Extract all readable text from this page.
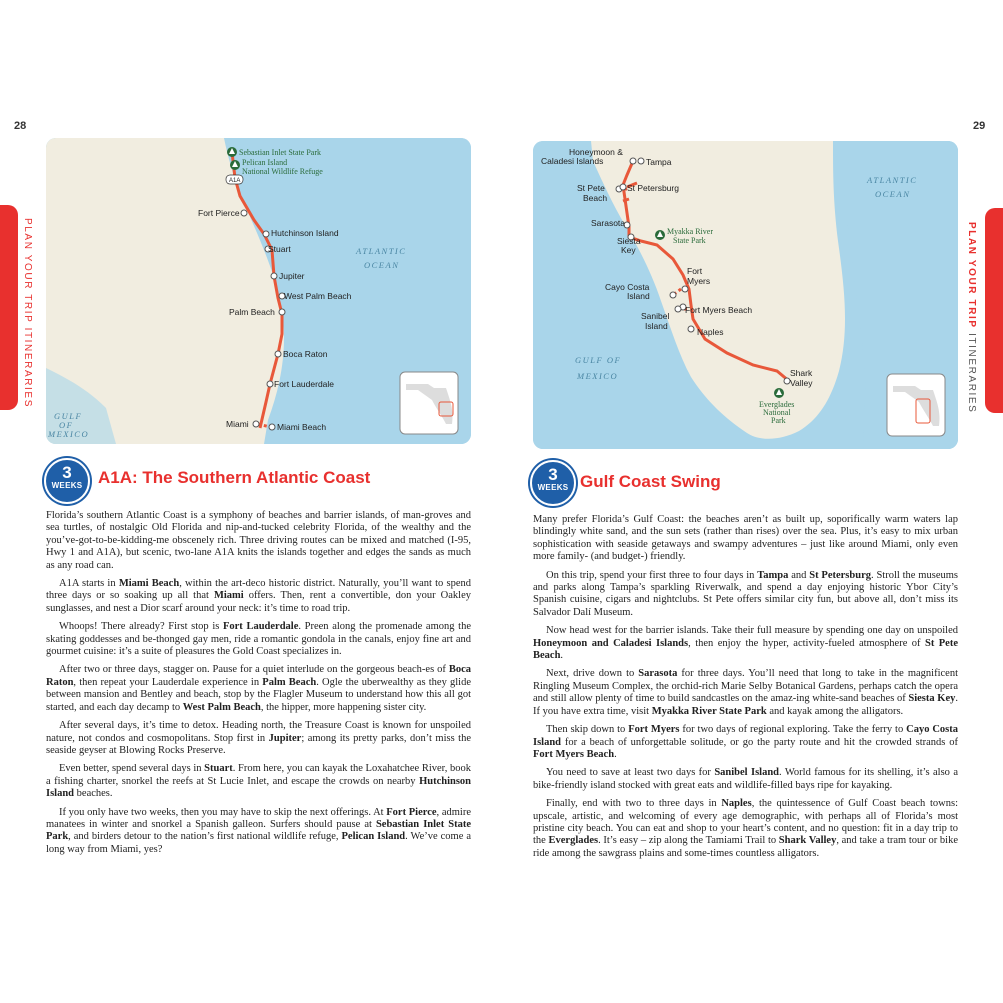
28
PLAN YOUR TRIP ITINERARIES
Sebastian Inlet State Park
Pelican Island
National Wildlife Refuge
A1A
Fort Pierce
Hutchinson Island
Stuart
Jupiter
West Palm Beach
Palm Beach
Boca Raton
Fort Lauderdale
Miami	Miami Beach
ATLANTIC
OCEAN
GULF
OF
MEXICO
3
WEEKS A1A: The Southern Atlantic Coast

Florida’s southern Atlantic Coast is a symphony of beaches and barrier islands, of man-groves and sea turtles, of nostalgic Old Florida and nip-and-tucked celebrity Florida, of the wealthy and the you’ve-got-to-be-kidding-me obscenely rich. Three driving routes can be mixed and matched (I-95, Hwy 1 and A1A), but scenic, two-lane A1A knits the islands together and edges the sands as much as any road can.

A1A starts in Miami Beach, within the art-deco historic district. Naturally, you’ll want to spend three days or so soaking up all that Miami offers. Then, rent a convertible, don your Oakley sunglasses, and nest a Dior scarf around your neck: it’s time to road trip.

Whoops! There already? First stop is Fort Lauderdale. Preen along the promenade among the skating goddesses and be-thonged gay men, ride a romantic gondola in the canals, enjoy fine art and gourmet cuisine: it’s a suite of pleasures the Gold Coast specializes in.

After two or three days, stagger on. Pause for a quiet interlude on the gorgeous beach-es of Boca Raton, then repeat your Lauderdale experience in Palm Beach. Ogle the uberwealthy as they glide between mansion and Bentley and beach, stop by the Flagler Museum to understand how this all got started, and each day decamp to West Palm Beach, the hipper, more happening sister city.

After several days, it’s time to detox. Heading north, the Treasure Coast is known for unspoiled nature, not condos and cosmopolitans. Stop first in Jupiter; among its pretty parks, don’t miss the seaside geyser at Blowing Rocks Preserve.

Even better, spend several days in Stuart. From here, you can kayak the Loxahatchee River, book a fishing charter, snorkel the reefs at St Lucie Inlet, and escape the crowds on nearby Hutchinson Island beaches.

If you only have two weeks, then you may have to skip the next offerings. At Fort Pierce, admire manatees in winter and snorkel a Spanish galleon. Surfers should pause at Sebastian Inlet State Park, and birders detour to the nation’s first national wildlife refuge, Pelican Island. We’ve come a long way from Miami, yes?

29
PLAN YOUR TRIP ITINERARIES
Myakka River
State Park
Everglades
National
Park
Honeymoon &
Caladesi Islands	Tampa
St Pete
Beach
St Petersburg
Sarasota
Siesta
Key
Fort
Myers
Cayo Costa
Island
Fort Myers Beach
Sanibel
Island
Naples
Shark
Valley
ATLANTIC
OCEAN
GULF OF
MEXICO
3
WEEKS Gulf Coast Swing

Many prefer Florida’s Gulf Coast: the beaches aren’t as built up, soporifically warm waters lap blindingly white sand, and the sun sets (rather than rises) over the sea. Plus, it’s easy to mix urban sophistication with seaside getaways and swampy adventures – just like around Miami, only even more family- (and budget-) friendly.

On this trip, spend your first three to four days in Tampa and St Petersburg. Stroll the museums and parks along Tampa’s sparkling Riverwalk, and spend a day enjoying historic Ybor City’s Spanish cuisine, cigars and nightclubs. St Pete offers similar city fun, but above all, don’t miss its Salvador Dalí Museum.

Now head west for the barrier islands. Take their full measure by spending one day on unspoiled Honeymoon and Caladesi Islands, then enjoy the hyper, activity-fueled atmosphere of St Pete Beach.

Next, drive down to Sarasota for three days. You’ll need that long to take in the magnificent Ringling Museum Complex, the orchid-rich Marie Selby Botanical Gardens, perhaps catch the opera and still allow plenty of time to build sandcastles on the amaz-ing white-sand beaches of Siesta Key. If you have extra time, visit Myakka River State Park and kayak among the alligators.

Then skip down to Fort Myers for two days of regional exploring. Take the ferry to Cayo Costa Island for a beach of unforgettable solitude, or go the party route and hit the crowded strands of Fort Myers Beach.

You need to save at least two days for Sanibel Island. World famous for its shelling, it’s also a bike-friendly island stocked with great eats and wildlife-filled bays ripe for kayaking.

Finally, end with two to three days in Naples, the quintessence of Gulf Coast beach towns: upscale, artistic, and welcoming of every age demographic, with perhaps all of Florida’s most pristine city beach. You can eat and shop to your heart’s content, and no question: fit in a day trip to the Everglades. It’s easy – zip along the Tamiami Trail to Shark Valley, and take a tram tour or bike ride among the sawgrass plains and some-times countless alligators.
